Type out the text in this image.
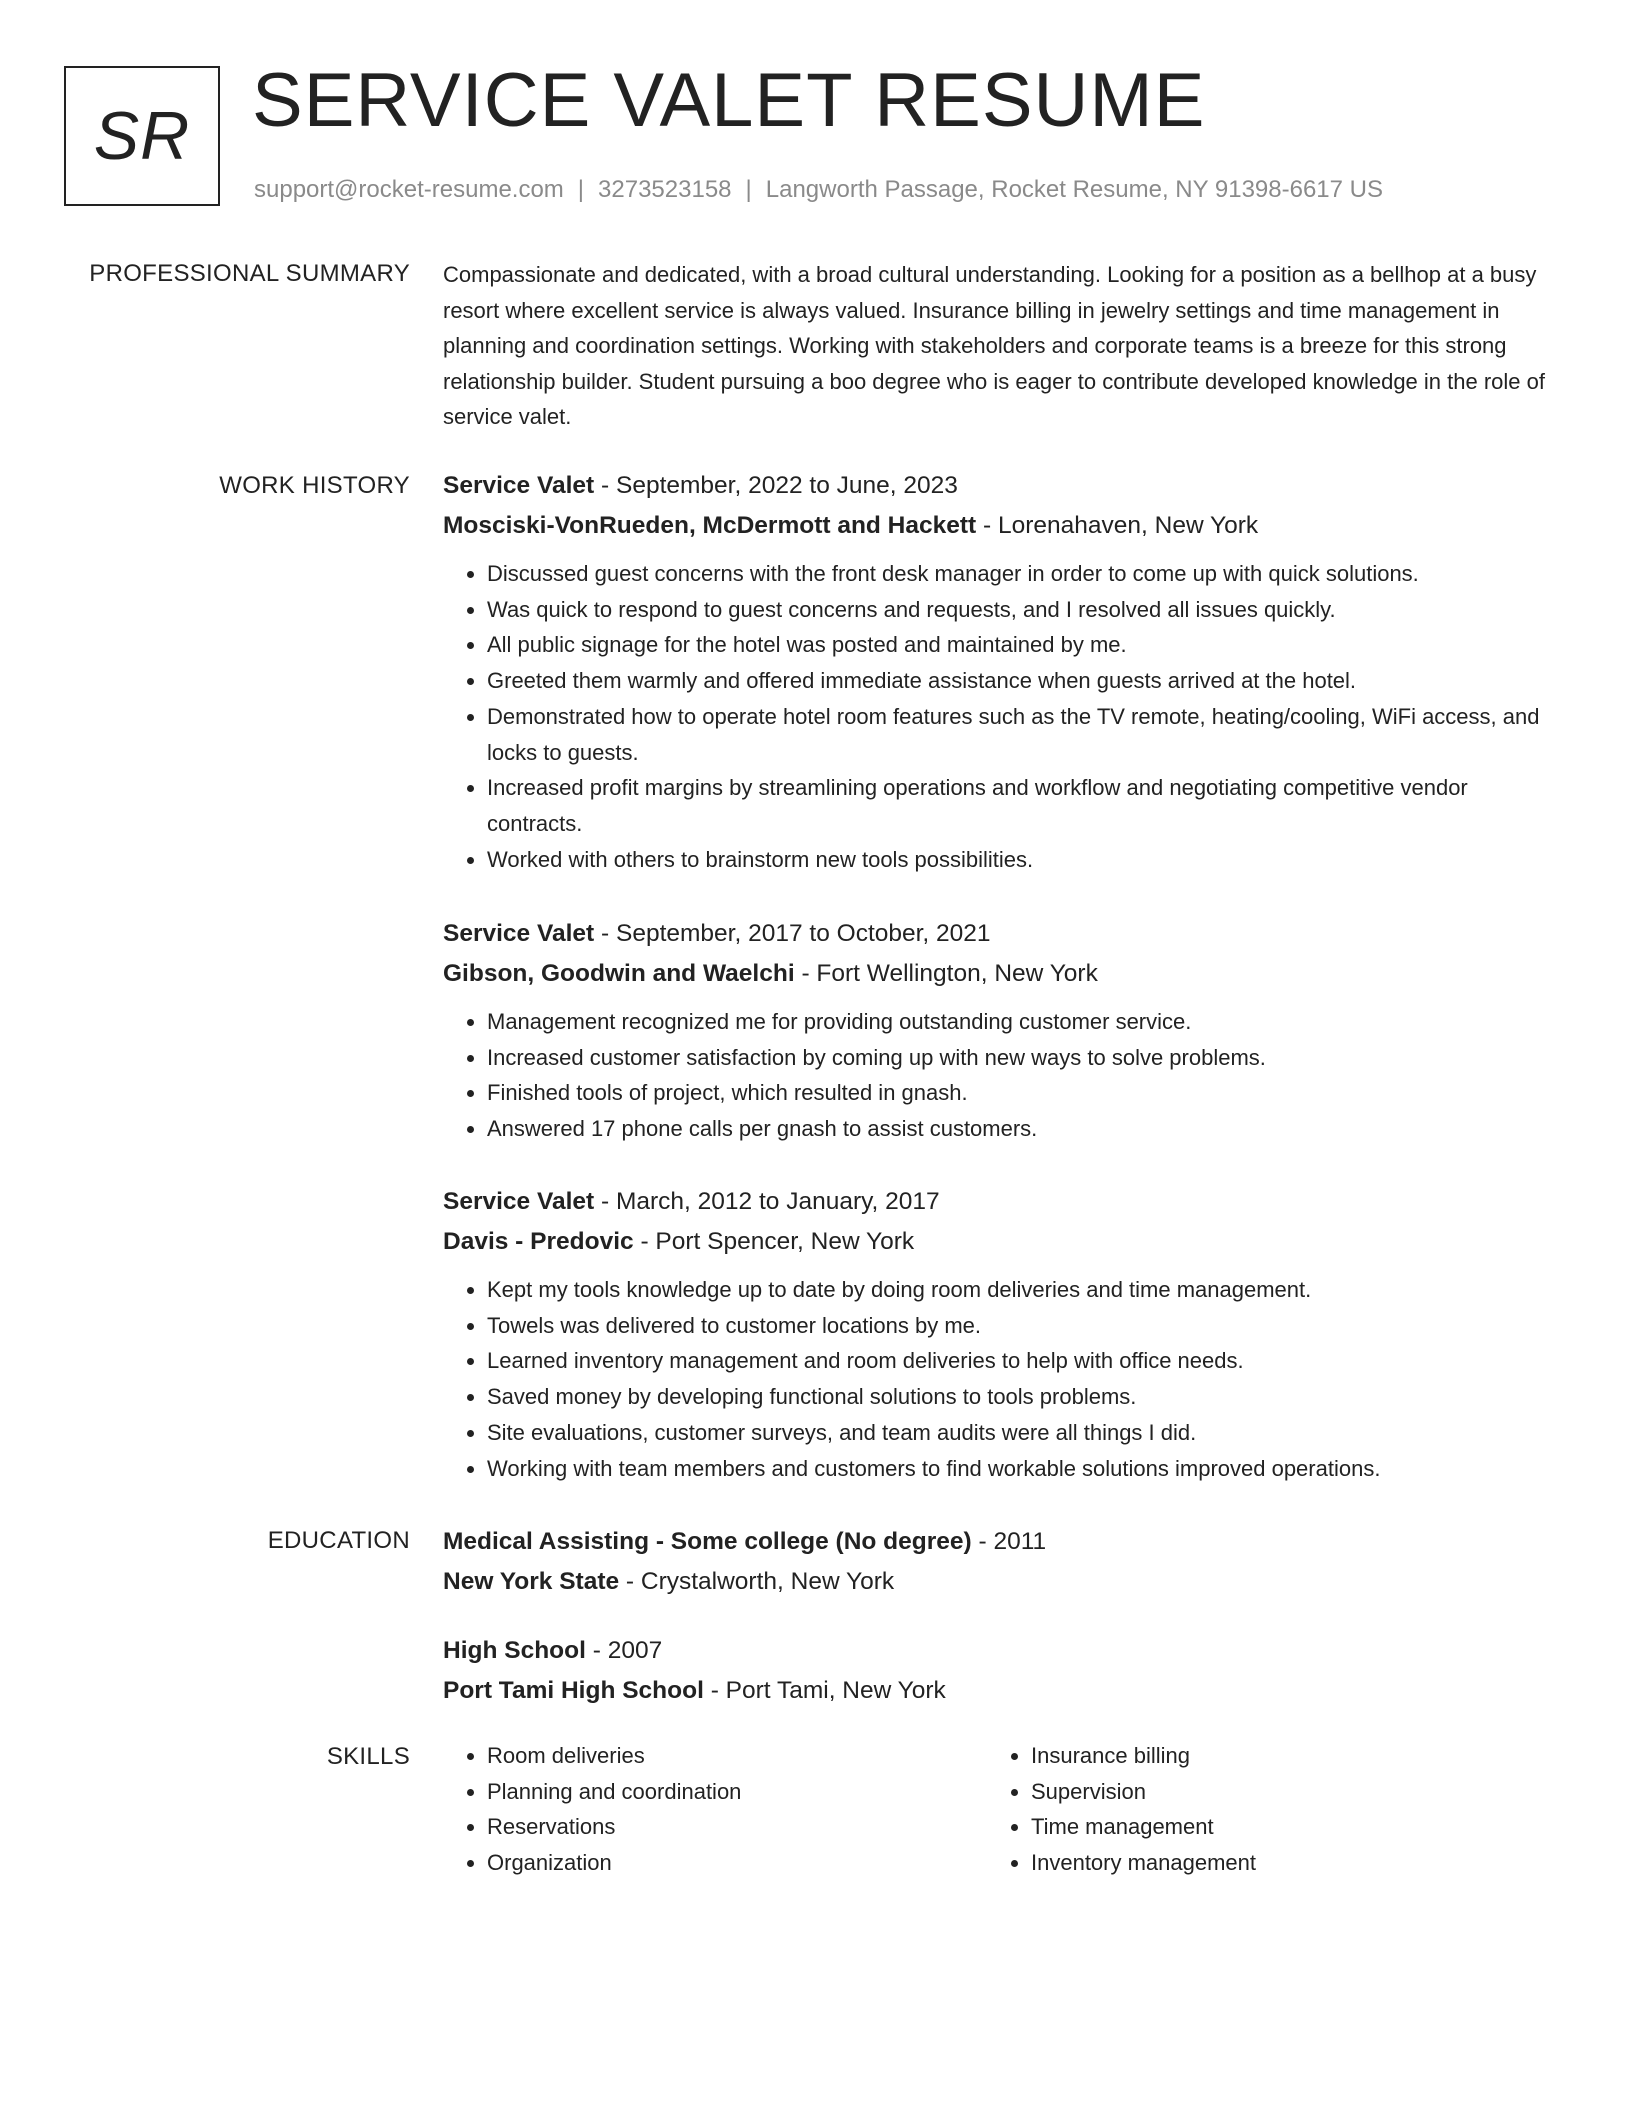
SR SERVICE VALET RESUME
support@rocket-resume.com | 3273523158 | Langworth Passage, Rocket Resume, NY 91398-6617 US
PROFESSIONAL SUMMARY Compassionate and dedicated, with a broad cultural understanding. Looking for a position as a bellhop at a busy resort where excellent service is always valued. Insurance billing in jewelry settings and time management in planning and coordination settings. Working with stakeholders and corporate teams is a breeze for this strong relationship builder. Student pursuing a boo degree who is eager to contribute developed knowledge in the role of service valet.

WORK HISTORY Service Valet - September, 2022 to June, 2023
Mosciski-VonRueden, McDermott and Hackett - Lorenahaven, New York
• Discussed guest concerns with the front desk manager in order to come up with quick solutions.
• Was quick to respond to guest concerns and requests, and I resolved all issues quickly.
• All public signage for the hotel was posted and maintained by me.
• Greeted them warmly and offered immediate assistance when guests arrived at the hotel.
• Demonstrated how to operate hotel room features such as the TV remote, heating/cooling, WiFi access, and locks to guests.
• Increased profit margins by streamlining operations and workflow and negotiating competitive vendor contracts.
• Worked with others to brainstorm new tools possibilities.
Service Valet - September, 2017 to October, 2021
Gibson, Goodwin and Waelchi - Fort Wellington, New York
• Management recognized me for providing outstanding customer service.
• Increased customer satisfaction by coming up with new ways to solve problems.
• Finished tools of project, which resulted in gnash.
• Answered 17 phone calls per gnash to assist customers.
Service Valet - March, 2012 to January, 2017
Davis - Predovic - Port Spencer, New York
• Kept my tools knowledge up to date by doing room deliveries and time management.
• Towels was delivered to customer locations by me.
• Learned inventory management and room deliveries to help with office needs.
• Saved money by developing functional solutions to tools problems.
• Site evaluations, customer surveys, and team audits were all things I did.
• Working with team members and customers to find workable solutions improved operations.
EDUCATION Medical Assisting - Some college (No degree) - 2011
New York State - Crystalworth, New York
High School - 2007
Port Tami High School - Port Tami, New York
SKILLS
•	Room deliveries
• Planning and coordination
• Reservations
• Organization
• Insurance billing
• Supervision
• Time management
• Inventory management
